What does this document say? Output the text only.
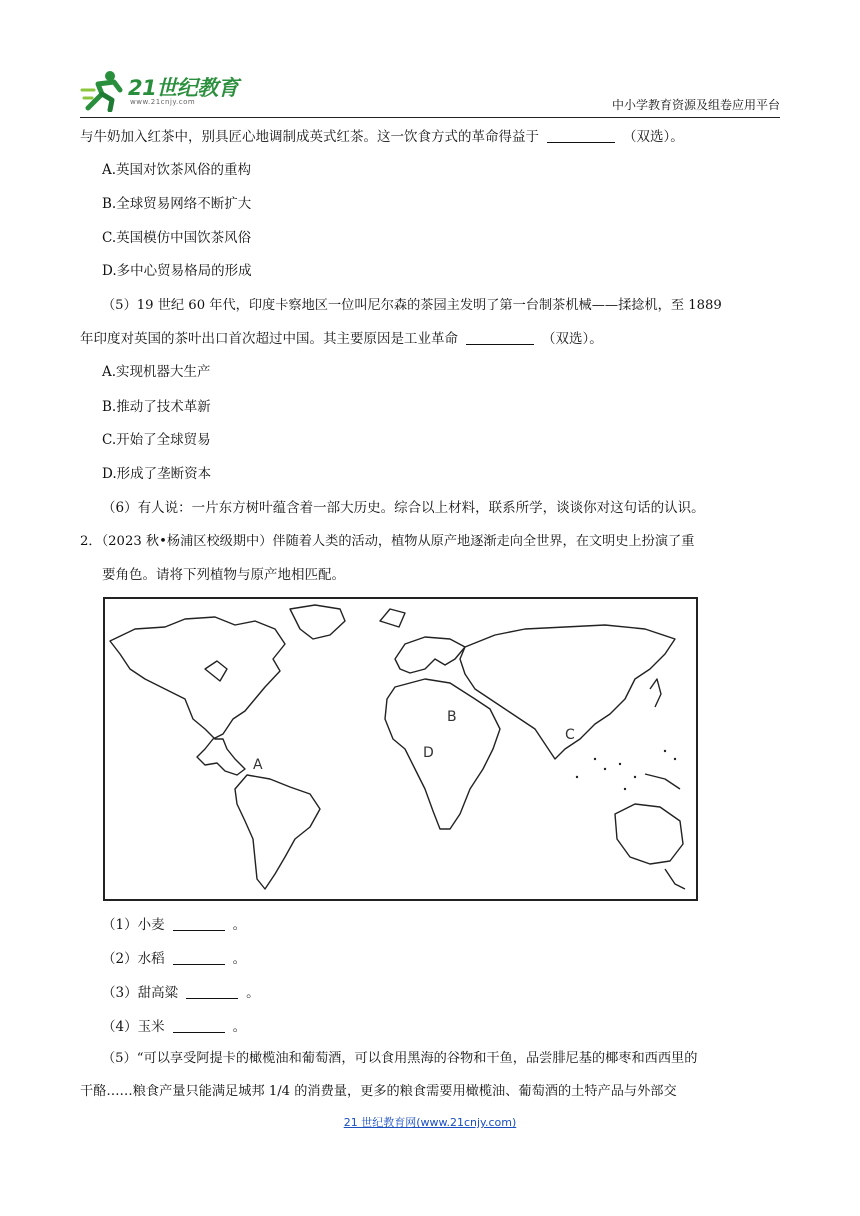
21世纪教育
www.21cnjy.com	中小学教育资源及组卷应用平台
与牛奶加入红茶中，别具匠心地调制成英式红茶。这一饮食方式的革命得益于	（双选）。
A.英国对饮茶风俗的重构
B.全球贸易网络不断扩大
C.英国模仿中国饮茶风俗
D.多中心贸易格局的形成
（5）19 世纪 60 年代，印度卡察地区一位叫尼尔森的茶园主发明了第一台制茶机械——揉捻机，至 1889
年印度对英国的茶叶出口首次超过中国。其主要原因是工业革命	（双选）。
A.实现机器大生产
B.推动了技术革新
C.开始了全球贸易
D.形成了垄断资本
（6）有人说：一片东方树叶蕴含着一部大历史。综合以上材料，联系所学，谈谈你对这句话的认识。
2．（2023 秋•杨浦区校级期中）伴随着人类的活动，植物从原产地逐渐走向全世界，在文明史上扮演了重
要角色。请将下列植物与原产地相匹配。
A
B
C
D
（1）小麦	。
（2）水稻	。
（3）甜高粱	。
（4）玉米	。
（5）“可以享受阿提卡的橄榄油和葡萄酒，可以食用黑海的谷物和干鱼，品尝腓尼基的椰枣和西西里的
干酪……粮食产量只能满足城邦 1/4 的消费量，更多的粮食需要用橄榄油、葡萄酒的土特产品与外部交
21 世纪教育网(www.21cnjy.com)
